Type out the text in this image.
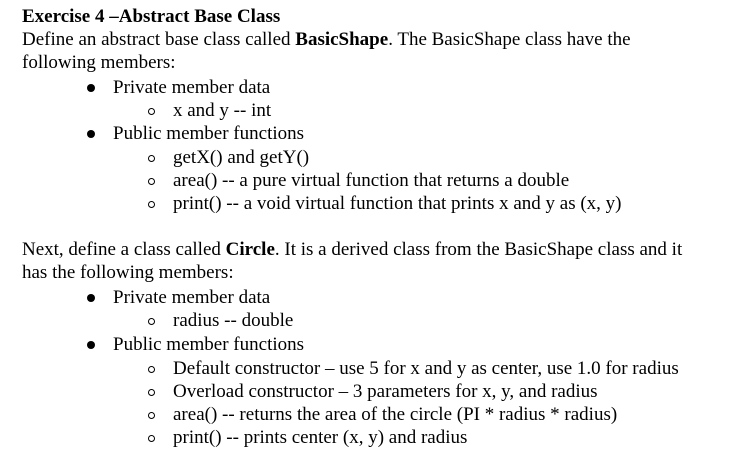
Exercise 4 –Abstract Base Class
Define an abstract base class called BasicShape. The BasicShape class have the
following members:
Private member data
x and y -- int
Public member functions
getX() and getY()
area() -- a pure virtual function that returns a double
print() -- a void virtual function that prints x and y as (x, y)
Next, define a class called Circle. It is a derived class from the BasicShape class and it
has the following members:
Private member data
radius -- double
Public member functions
Default constructor – use 5 for x and y as center, use 1.0 for radius
Overload constructor – 3 parameters for x, y, and radius
area() -- returns the area of the circle (PI * radius * radius)
print() -- prints center (x, y) and radius
